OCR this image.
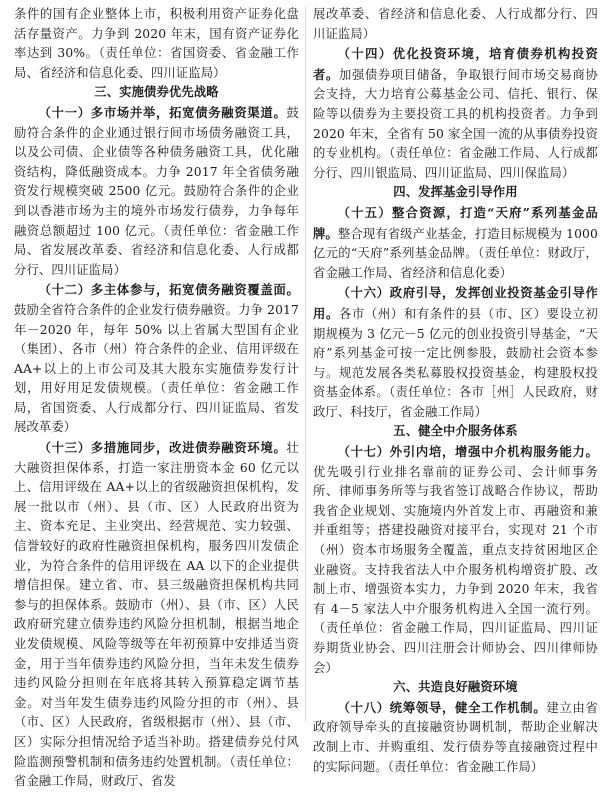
条件的国有企业整体上市，积极利用资产证券化盘活存量资产。力争到 2020 年末，国有资产证券化率达到 30%。（责任单位：省国资委、省金融工作局、省经济和信息化委、四川证监局）

三、实施债券优先战略

（十一）多市场并举，拓宽债务融资渠道。鼓励符合条件的企业通过银行间市场债务融资工具，以及公司债、企业债等各种债务融资工具，优化融资结构，降低融资成本。力争 2017 年全省债务融资发行规模突破 2500 亿元。鼓励符合条件的企业到以香港市场为主的境外市场发行债券，力争每年融资总额超过 100 亿元。（责任单位：省金融工作局、省发展改革委、省经济和信息化委、人行成都分行、四川证监局）

（十二）多主体参与，拓宽债务融资覆盖面。鼓励全省符合条件的企业发行债券融资。力争 2017年－2020 年，每年 50% 以上省属大型国有企业（集团）、各市（州）符合条件的企业、信用评级在 AA+以上的上市公司及其大股东实施债券发行计划，用好用足发债规模。（责任单位：省金融工作局，省国资委、人行成都分行、四川证监局、省发展改革委）

（十三）多措施同步，改进债券融资环境。壮大融资担保体系，打造一家注册资本金 60 亿元以上、信用评级在 AA+以上的省级融资担保机构，发展一批以市（州）、县（市、区）人民政府出资为主、资本充足、主业突出、经营规范、实力较强、信誉较好的政府性融资担保机构，服务四川发债企业，为符合条件的信用评级在 AA 以下的企业提供增信担保。建立省、市、县三级融资担保机构共同参与的担保体系。鼓励市（州）、县（市、区）人民政府研究建立债券违约风险分担机制，根据当地企业发债规模、风险等级等在年初预算中安排适当资金，用于当年债券违约风险分担，当年未发生债券违约风险分担则在年底将其转入预算稳定调节基金。对当年发生债券违约风险分担的市（州）、县（市、区）人民政府，省级根据市（州）、县（市、区）实际分担情况给予适当补助。搭建债券兑付风险监测预警机制和债务违约处置机制。（责任单位：省金融工作局，财政厅、省发

展改革委、省经济和信息化委、人行成都分行、四川证监局）

（十四）优化投资环境，培育债券机构投资者。加强债券项目储备，争取银行间市场交易商协会支持，大力培育公募基金公司、信托、银行、保险等以债券为主要投资工具的机构投资者。力争到 2020 年末，全省有 50 家全国一流的从事债券投资的专业机构。（责任单位：省金融工作局、人行成都分行、四川银监局、四川证监局、四川保监局）

四、发挥基金引导作用

（十五）整合资源，打造“天府”系列基金品牌。整合现有省级产业基金，打造目标规模为 1000 亿元的“天府”系列基金品牌。（责任单位：财政厅，省金融工作局、省经济和信息化委）

（十六）政府引导，发挥创业投资基金引导作用。各市（州）和有条件的县（市、区）要设立初期规模为 3 亿元－5 亿元的创业投资引导基金，“天府”系列基金可按一定比例参股，鼓励社会资本参与。规范发展各类私募股权投资基金，构建股权投资基金体系。（责任单位：各市［州］人民政府，财政厅、科技厅，省金融工作局）

五、健全中介服务体系

（十七）外引内培，增强中介机构服务能力。优先吸引行业排名靠前的证券公司、会计师事务所、律师事务所等与我省签订战略合作协议，帮助我省企业规划、实施境内外首发上市、再融资和兼并重组等；搭建投融资对接平台，实现对 21 个市（州）资本市场服务全覆盖，重点支持贫困地区企业融资。支持我省法人中介服务机构增资扩股、改制上市、增强资本实力，力争到 2020 年末，我省有 4－5 家法人中介服务机构进入全国一流行列。（责任单位：省金融工作局，四川证监局、四川证券期货业协会、四川注册会计师协会、四川律师协会）

六、共造良好融资环境

（十八）统筹领导，健全工作机制。建立由省政府领导牵头的直接融资协调机制，帮助企业解决改制上市、并购重组、发行债券等直接融资过程中的实际问题。（责任单位：省金融工作局）
